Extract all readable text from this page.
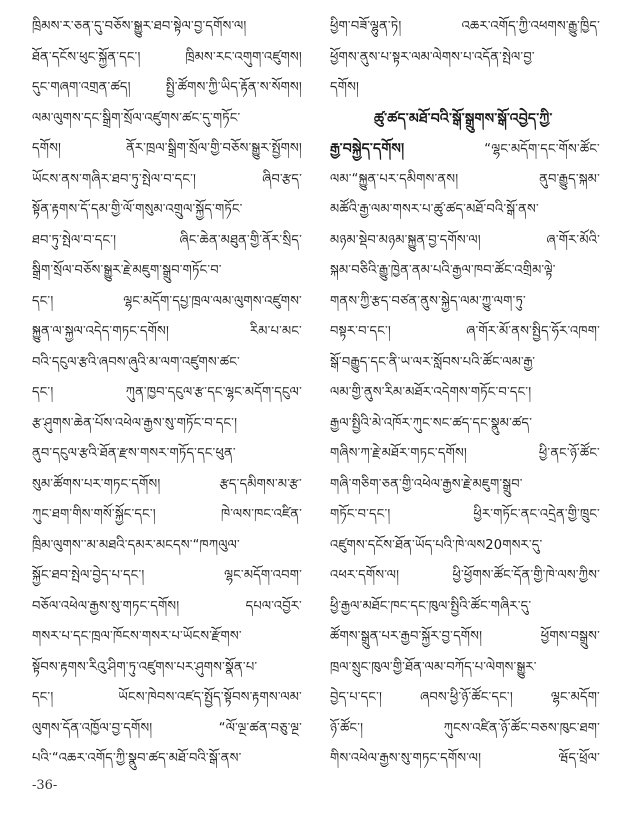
ཁྲིམས་ར་ཅན་དུ་བཅོས་སྒྱུར་ཐབ་སྟེལ་བྱ་དགོས་ལ།
ཐོན་དངོས་ཕུང་སྐྱོན་དང་། ཁྲིམས་རང་འགུག་འཛུགས།
དུང་གཞག་འགྲན་ཚད། སྤྱི་ཚོགས་ཀྱི་ཡིད་རྟོན་ས་སོགས།
ལམ་ལུགས་དང་སྒྲིག་སྲོལ་འཛུགས་ཚང་དུ་གཏོང་
དགོས། ནོར་ཁྲལ་སྒྲིག་སྲོལ་གྱི་བཅོས་སྒྱུར་སྤྱོགས།
ཡོངས་ནས་གཞིར་ཐབ་ཏུ་སྤེལ་བ་དང་། ཞིབ་རྩད་
སྟོན་རྟགས་དོ་དམ་གྱི་ལོ་གསུམ་འགྲུལ་སྐྱོད་གཏོང་
ཐབ་ཏུ་སྤེལ་བ་དང་། ཞིང་ཆེན་མཐུན་གྱི་ནོར་སྲིད་
སྒྲིག་སྲོལ་བཅོས་སྒྱུར་རྗེ་མཇུག་སྒྲུབ་གཏོང་བ་
དང་། ལྷང་མདོག་དཔྱ་ཁྲལ་ལམ་ལུགས་འཛུགས་
སྐྱུན་ལ་སྐྱལ་འདེད་གཏང་དགོས། རིམ་པ་མང་
བའི་དངུལ་རྩའི་ཞབས་ཞུའི་མ་ལག་འཛུགས་ཚང་
དང་། ཀུན་ཁྱབ་དངུལ་རྩ་དང་ལྷང་མདོག་དངུལ་
རྩ་ཤུགས་ཆེན་པོས་འཕེལ་རྒྱས་སུ་གཏོང་བ་དང་།
ནུབ་དངུལ་རྩའི་ཐོན་རྫས་གསར་གཏོད་དང་ཕུན་
སུམ་ཚོགས་པར་གཏང་དགོས། རྩད་དམིགས་མ་རྩ་
ཀུང་ཐག་གིས་གསོ་སྐྱོང་དང་། ཁེ་ལས་ཁང་འཛིན་
ཁྲིམ་ལུགས་་མ་མཐའི་དམར་མངདས་“ཁཀལུལ་
སྐྱོང་ཐབ་སྤེལ་བྱེད་པ་དང་། ལྷང་མདོག་འབག་
བཅོལ་འཕེལ་རྒྱས་སུ་གཏང་དགོས། དཔལ་འབྱོར་
གསར་པ་དང་ཁྲལ་ཁོངས་གསར་པ་ཡོངས་རྫོགས་
སྟོབས་རྟགས་རིའུ་ཤིག་ཏུ་འཛུགས་པར་ཤུགས་སྣོན་པ་
དང་། ཡོངས་ཁེབས་འཛད་སྤྱོད་སྟོབས་རྟགས་ལམ་
ལུགས་དོན་འཁྱོལ་བྱ་དགོས། “ལོ་ལྔ་ཚན་བཅུ་ལྔ་
པའི་“འཆར་འགོད་ཀྱི་སྣུབ་ཚད་མཐོ་བའི་སྒོ་ནས་
ཕྱིག་བཟོ་ལྷུན་ཏེ། འཆར་འགོད་ཀྱི་འཕགས་རྒྱུ་ཁྱིད་
ཕྱོགས་ནུས་པ་སྟར་ལམ་ལེགས་པ་འདོན་སྤེལ་བྱ་
དགོས།
ཚུ་ཚད་མཐོ་བའི་སྒོ་སྒྲུགས་སྒོ་འབྱེད་ཀྱི་
རྒྱ་བསྐྱེད་དགོས།	“ལྷང་མདོག་དང་གོས་ཚོང་
ལམ་“སྐྱུན་པར་དམིགས་ནས། ནུབ་རྒྱུད་སྐམ་
མཚོའི་རྒྱ་ལམ་གསར་པ་ཚུ་ཚད་མཐོ་བའི་སྒོ་ནས་
མཉམ་སྡེབ་མཉམ་སྐྱུན་བྱ་དགོས་ལ། ཞ་གོར་མོའི་
སྐམ་བཅིའི་རྒྱུ་ཁྱེན་ནམ་པའི་རྒྱལ་ཁབ་ཚོང་འགྲིམ་ལྟེ་
གནས་ཀྱི་རྩད་བཙན་ནུས་སྐྱེད་ལམ་ཀྱུ་ལག་ཏུ་
བསྟར་བ་དང་། ཞ་གོར་མོ་ནས་སྤྱིད་ཧོར་འཁག་
སྒོ་བརྒྱུད་དང་ནི་ཡ་ལར་སློབས་པའི་ཚོང་ལམ་རྒྱ་
ལམ་གྱི་ནུས་རིམ་མཐོར་འདེགས་གཏོང་བ་དང་།
རྒྱལ་སྤྱིའི་མེ་འཁོར་ཀུང་སང་ཚད་དང་སྣུམ་ཚད་
གཞིས་ཀ་རྗེ་མཐོར་གཏང་དགོས། ཕྱི་ནང་ཉོ་ཚོང་
གཞི་གཅིག་ཅན་གྱི་འཕེལ་རྒྱས་རྗེ་མཇུག་སྒྲུབ་
གཏོང་བ་དང་། ཕྱིར་གཏོང་ནང་འདྲེན་གྱི་ཁྲུང་
འཛུགས་དངོས་ཐོན་ཡོད་པའི་ཁེ་ལས20གསར་དུ་
འཕར་དགོས་ལ། ཕྱི་ཕྱོགས་ཚོང་དོན་གྱི་ཁེ་ལས་ཀྱིས་
ཕྱི་རྒྱལ་མཐོང་ཁང་དང་ཁུལ་སྤྱིའི་ཚོང་གཞིར་དུ་
ཚོགས་སྒྲུན་པར་རྒྱབ་སྐྱོར་བྱ་དགོས། ཕྱོགས་བསྒྲུས་
ཁྲལ་སྲུང་ཁུལ་གྱི་ཐོན་ལམ་བཀོད་པ་ལེགས་སྒྱུར་
བྱེད་པ་དང་། ཞབས་ཕྱི་ཉོ་ཚོང་དང་། ལྷང་མདོག་
ཉོ་ཚོང་། ཀུངས་འཛིན་ཉོ་ཚོང་བཅས་ཁུང་ཐག་
གིས་འཕེལ་རྒྱས་སུ་གཏང་དགོས་ལ། ཝོད་ཕྲོལ་
-36-
